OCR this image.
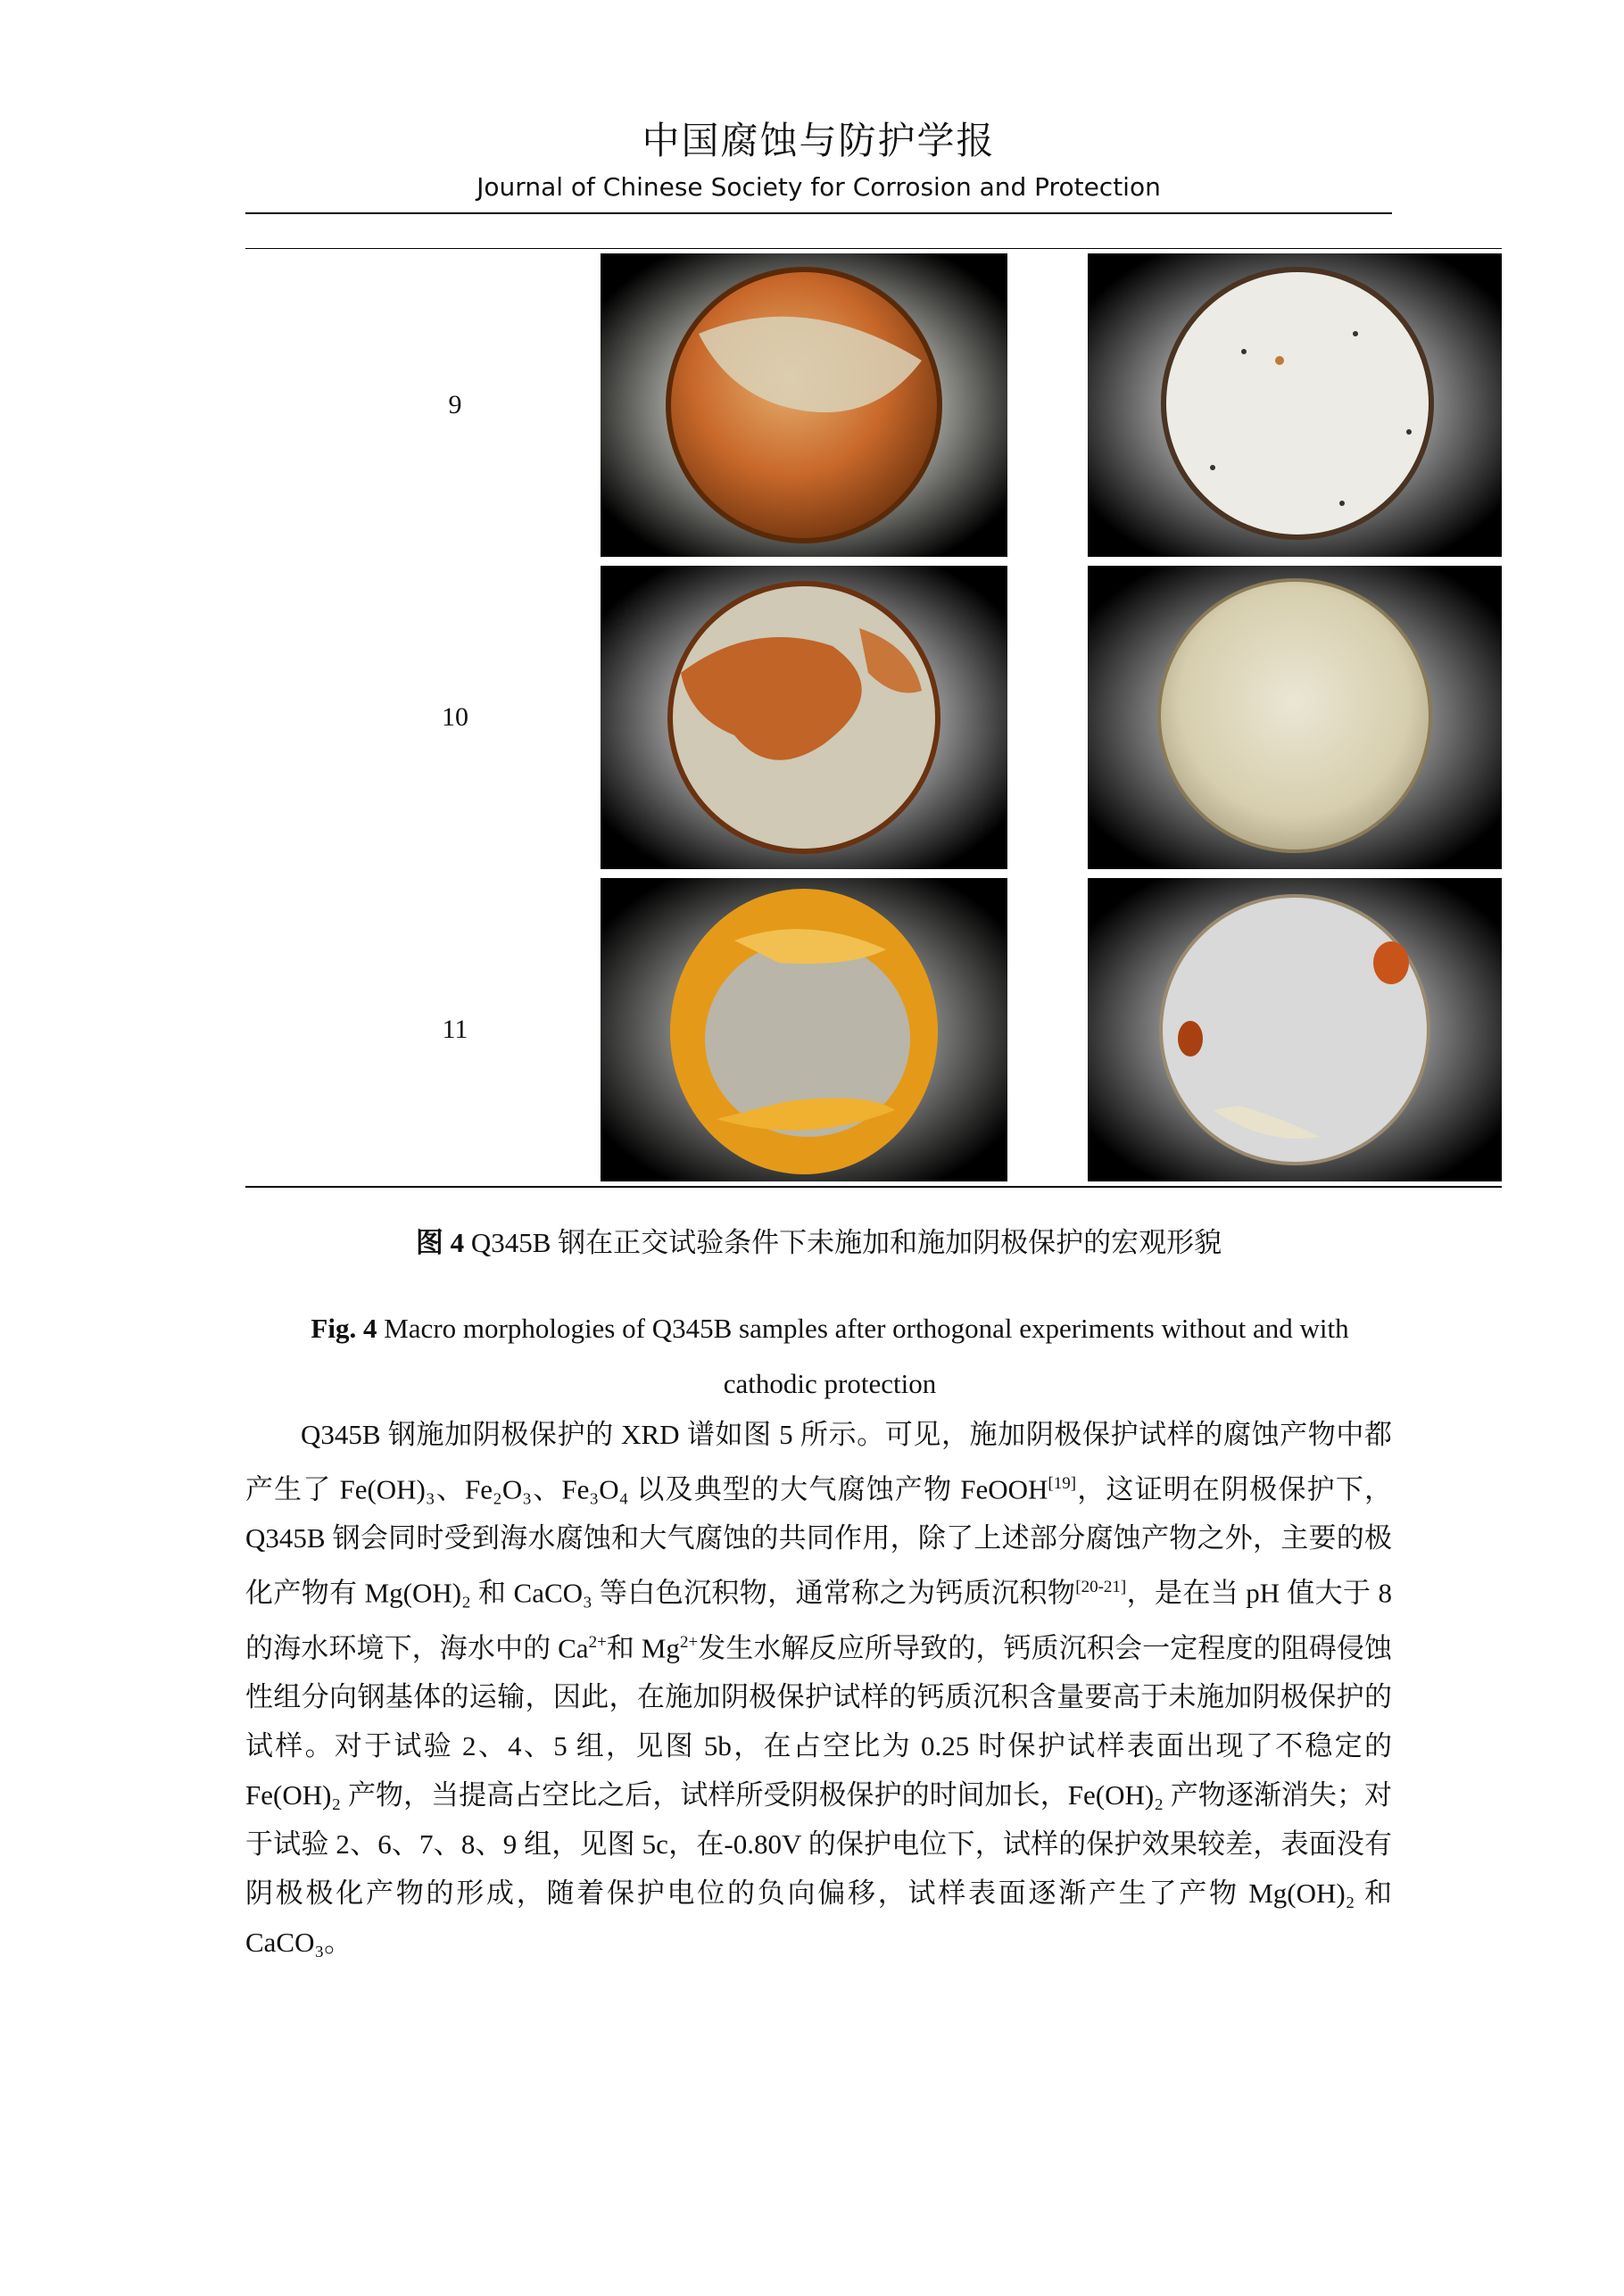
中国腐蚀与防护学报
Journal of Chinese Society for Corrosion and Protection
9
10
11
图 4 Q345B 钢在正交试验条件下未施加和施加阴极保护的宏观形貌
Fig. 4 Macro morphologies of Q345B samples after orthogonal experiments without and with cathodic protection

Q345B 钢施加阴极保护的 XRD 谱如图 5 所示。可见，施加阴极保护试样的腐蚀产物中都产生了 Fe(OH)₃、Fe₂O₃、Fe₃O₄ 以及典型的大气腐蚀产物 FeOOH[19]，这证明在阴极保护下，Q345B 钢会同时受到海水腐蚀和大气腐蚀的共同作用，除了上述部分腐蚀产物之外，主要的极化产物有 Mg(OH)₂ 和 CaCO₃ 等白色沉积物，通常称之为钙质沉积物[20-21]，是在当 pH 值大于 8 的海水环境下，海水中的 $Ca^{2+}$和 $Mg^{2+}$发生水解反应所导致的，钙质沉积会一定程度的阻碍侵蚀性组分向钢基体的运输，因此，在施加阴极保护试样的钙质沉积含量要高于未施加阴极保护的试样。对于试验 2、4、5 组，见图 5b，在占空比为 0.25 时保护试样表面出现了不稳定的 Fe(OH)₂ 产物，当提高占空比之后，试样所受阴极保护的时间加长，Fe(OH)₂ 产物逐渐消失；对于试验 2、6、7、8、9 组，见图 5c，在-0.80V 的保护电位下，试样的保护效果较差，表面没有阴极极化产物的形成，随着保护电位的负向偏移，试样表面逐渐产生了产物 Mg(OH)₂ 和 CaCO₃。
